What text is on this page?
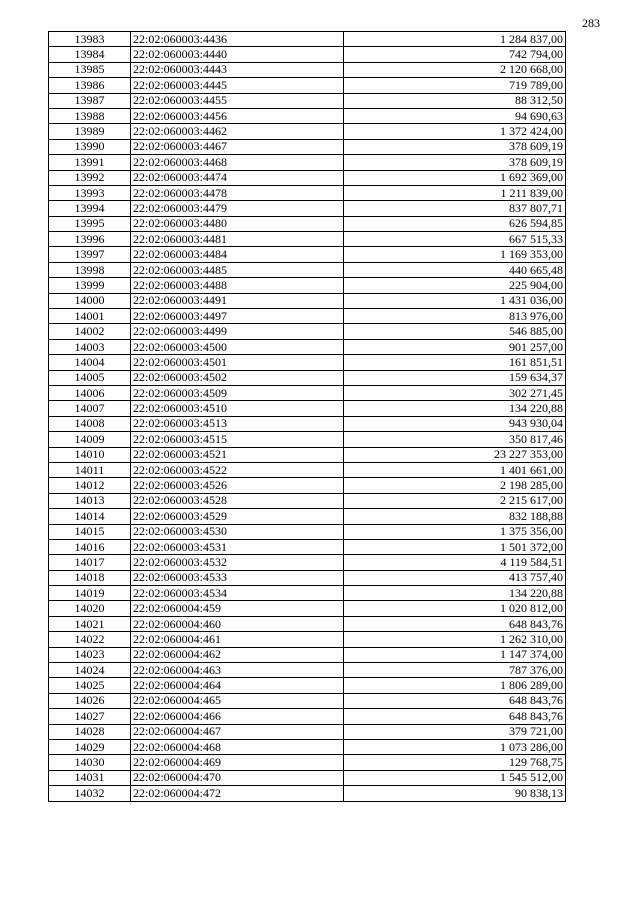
283
13983	22:02:060003:4436	1 284 837,00
13984	22:02:060003:4440	742 794,00
13985	22:02:060003:4443	2 120 668,00
13986	22:02:060003:4445	719 789,00
13987	22:02:060003:4455	88 312,50
13988	22:02:060003:4456	94 690,63
13989	22:02:060003:4462	1 372 424,00
13990	22:02:060003:4467	378 609,19
13991	22:02:060003:4468	378 609,19
13992	22:02:060003:4474	1 692 369,00
13993	22:02:060003:4478	1 211 839,00
13994	22:02:060003:4479	837 807,71
13995	22:02:060003:4480	626 594,85
13996	22:02:060003:4481	667 515,33
13997	22:02:060003:4484	1 169 353,00
13998	22:02:060003:4485	440 665,48
13999	22:02:060003:4488	225 904,00
14000	22:02:060003:4491	1 431 036,00
14001	22:02:060003:4497	813 976,00
14002	22:02:060003:4499	546 885,00
14003	22:02:060003:4500	901 257,00
14004	22:02:060003:4501	161 851,51
14005	22:02:060003:4502	159 634,37
14006	22:02:060003:4509	302 271,45
14007	22:02:060003:4510	134 220,88
14008	22:02:060003:4513	943 930,04
14009	22:02:060003:4515	350 817,46
14010	22:02:060003:4521	23 227 353,00
14011	22:02:060003:4522	1 401 661,00
14012	22:02:060003:4526	2 198 285,00
14013	22:02:060003:4528	2 215 617,00
14014	22:02:060003:4529	832 188,88
14015	22:02:060003:4530	1 375 356,00
14016	22:02:060003:4531	1 501 372,00
14017	22:02:060003:4532	4 119 584,51
14018	22:02:060003:4533	413 757,40
14019	22:02:060003:4534	134 220,88
14020	22:02:060004:459	1 020 812,00
14021	22:02:060004:460	648 843,76
14022	22:02:060004:461	1 262 310,00
14023	22:02:060004:462	1 147 374,00
14024	22:02:060004:463	787 376,00
14025	22:02:060004:464	1 806 289,00
14026	22:02:060004:465	648 843,76
14027	22:02:060004:466	648 843,76
14028	22:02:060004:467	379 721,00
14029	22:02:060004:468	1 073 286,00
14030	22:02:060004:469	129 768,75
14031	22:02:060004:470	1 545 512,00
14032	22:02:060004:472	90 838,13
